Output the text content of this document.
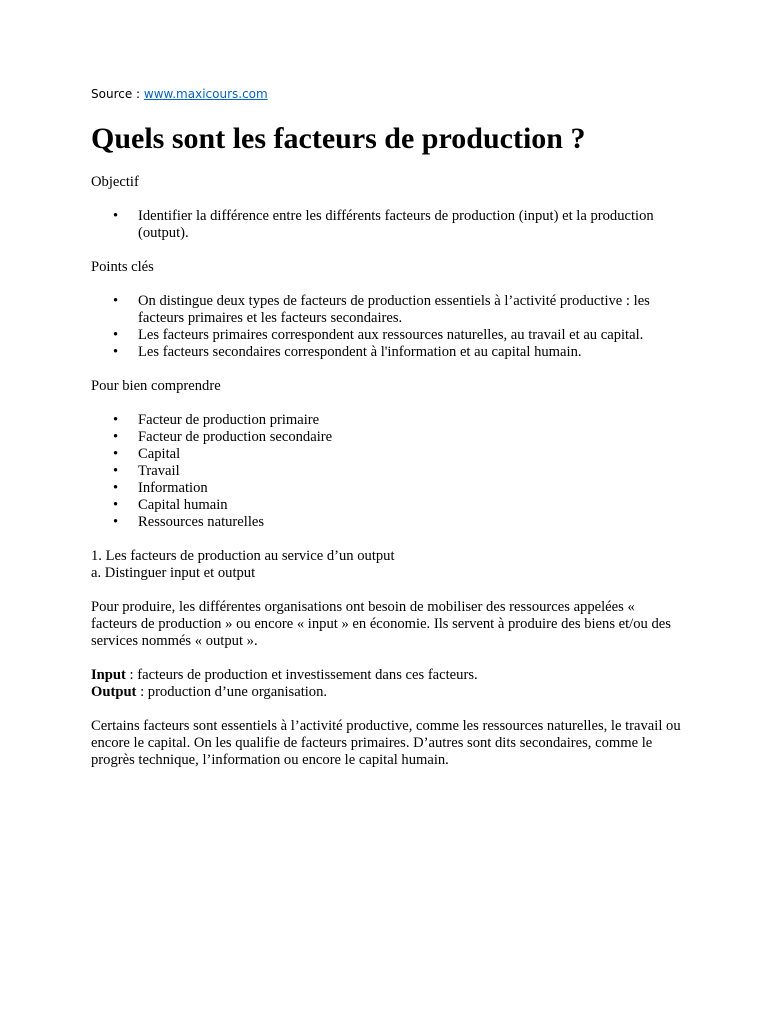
Source : www.maxicours.com

Quels sont les facteurs de production ?

Objectif

• Identifier la différence entre les différents facteurs de production (input) et la production (output).

Points clés

• On distingue deux types de facteurs de production essentiels à l’activité productive : les facteurs primaires et les facteurs secondaires.
• Les facteurs primaires correspondent aux ressources naturelles, au travail et au capital.
• Les facteurs secondaires correspondent à l'information et au capital humain.

Pour bien comprendre

• Facteur de production primaire
• Facteur de production secondaire
• Capital
• Travail
• Information
• Capital humain
• Ressources naturelles

1. Les facteurs de production au service d’un output

a. Distinguer input et output

Pour produire, les différentes organisations ont besoin de mobiliser des ressources appelées « facteurs de production » ou encore « input » en économie. Ils servent à produire des biens et/ou des services nommés « output ».

Input : facteurs de production et investissement dans ces facteurs.

Output : production d’une organisation.

Certains facteurs sont essentiels à l’activité productive, comme les ressources naturelles, le travail ou encore le capital. On les qualifie de facteurs primaires. D’autres sont dits secondaires, comme le progrès technique, l’information ou encore le capital humain.
